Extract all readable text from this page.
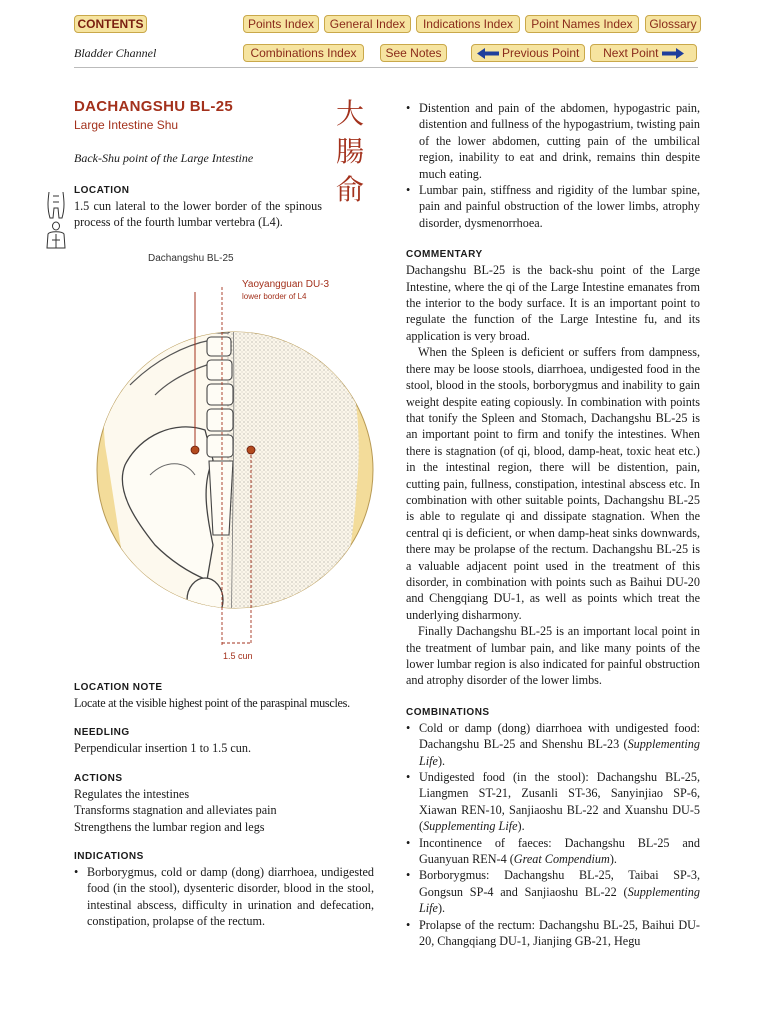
CONTENTS	Points Index	General Index	Indications Index	Point Names Index	Glossary
Bladder Channel	Combinations Index	See Notes	Previous Point	Next Point
DACHANGSHU BL-25
Large Intestine Shu	大
腸
俞
Back-Shu point of the Large Intestine
LOCATION
1.5 cun lateral to the lower border of the spinous process of the fourth lumbar vertebra (L4).
Dachangshu BL-25
Yaoyangguan DU-3
lower border of L4
1.5 cun
LOCATION NOTE
Locate at the visible highest point of the paraspinal muscles.
NEEDLING
Perpendicular insertion 1 to 1.5 cun.
ACTIONS
Regulates the intestines
Transforms stagnation and alleviates pain
Strengthens the lumbar region and legs
INDICATIONS
• Borborygmus, cold or damp (dong) diarrhoea, undigested food (in the stool), dysenteric disorder, blood in the stool, intestinal abscess, difficulty in urination and defecation, constipation, prolapse of the rectum.
• Distention and pain of the abdomen, hypogastric pain, distention and fullness of the hypogastrium, twisting pain of the lower abdomen, cutting pain of the umbilical region, inability to eat and drink, remains thin despite much eating.
• Lumbar pain, stiffness and rigidity of the lumbar spine, pain and painful obstruction of the lower limbs, atrophy disorder, dysmenorrhoea.
COMMENTARY
Dachangshu BL-25 is the back-shu point of the Large Intestine, where the qi of the Large Intestine emanates from the interior to the body surface. It is an important point to regulate the function of the Large Intestine fu, and its application is very broad.
When the Spleen is deficient or suffers from dampness, there may be loose stools, diarrhoea, undigested food in the stool, blood in the stools, borborygmus and inability to gain weight despite eating copiously. In combination with points that tonify the Spleen and Stomach, Dachangshu BL-25 is an important point to firm and tonify the intestines. When there is stagnation (of qi, blood, damp-heat, toxic heat etc.) in the intestinal region, there will be distention, pain, cutting pain, fullness, constipation, intestinal abscess etc. In combination with other suitable points, Dachangshu BL-25 is able to regulate qi and dissipate stagnation. When the central qi is deficient, or when damp-heat sinks downwards, there may be prolapse of the rectum. Dachangshu BL-25 is a valuable adjacent point used in the treatment of this disorder, in combination with points such as Baihui DU-20 and Chengqiang DU-1, as well as points which treat the underlying disharmony.
Finally Dachangshu BL-25 is an important local point in the treatment of lumbar pain, and like many points of the lower lumbar region is also indicated for painful obstruction and atrophy disorder of the lower limbs.
COMBINATIONS
• Cold or damp (dong) diarrhoea with undigested food: Dachangshu BL-25 and Shenshu BL-23 (Supplementing Life).
• Undigested food (in the stool): Dachangshu BL-25, Liangmen ST-21, Zusanli ST-36, Sanyinjiao SP-6, Xiawan REN-10, Sanjiaoshu BL-22 and Xuanshu DU-5 (Supplementing Life).
• Incontinence of faeces: Dachangshu BL-25 and Guanyuan REN-4 (Great Compendium).
• Borborygmus: Dachangshu BL-25, Taibai SP-3, Gongsun SP-4 and Sanjiaoshu BL-22 (Supplementing Life).
• Prolapse of the rectum: Dachangshu BL-25, Baihui DU-20, Changqiang DU-1, Jianjing GB-21, Hegu
